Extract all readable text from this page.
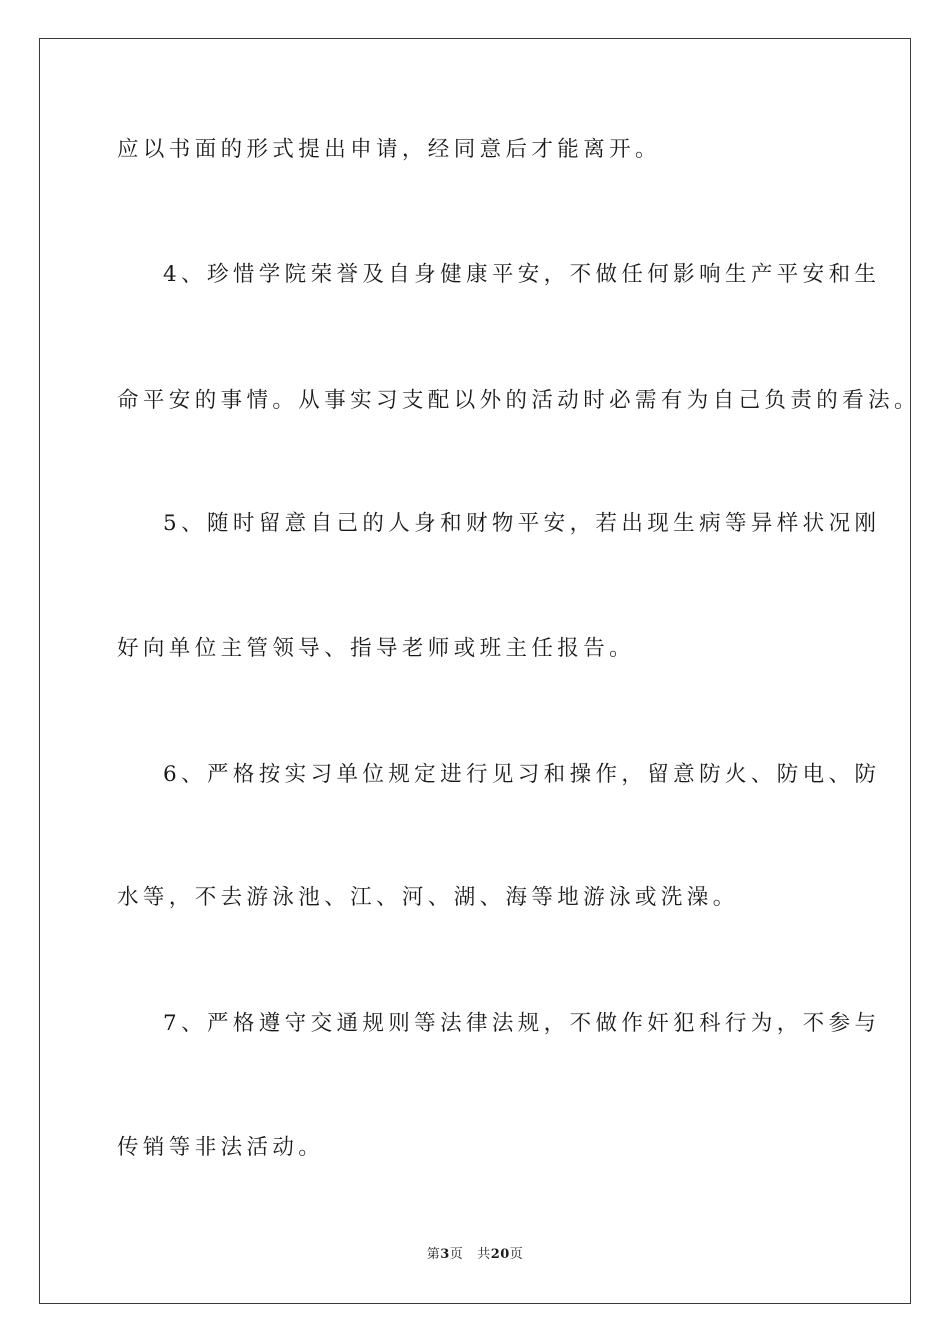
应以书面的形式提出申请，经同意后才能离开。
4、珍惜学院荣誉及自身健康平安，不做任何影响生产平安和生
命平安的事情。从事实习支配以外的活动时必需有为自己负责的看法。
5、随时留意自己的人身和财物平安，若出现生病等异样状况刚
好向单位主管领导、指导老师或班主任报告。
6、严格按实习单位规定进行见习和操作，留意防火、防电、防
水等，不去游泳池、江、河、湖、海等地游泳或洗澡。
7、严格遵守交通规则等法律法规，不做作奸犯科行为，不参与
传销等非法活动。
第3页 共20页
